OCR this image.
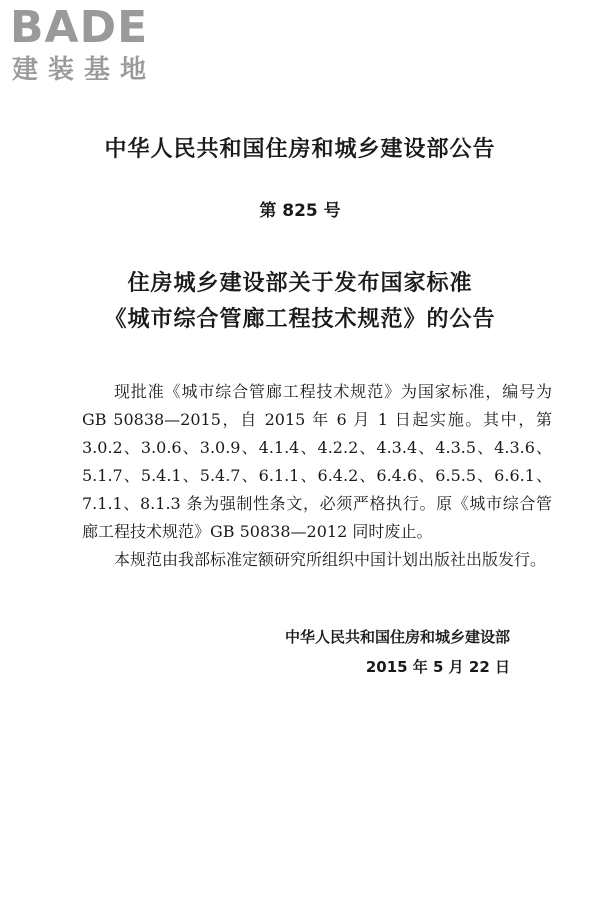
BADE
建装基地
中华人民共和国住房和城乡建设部公告
第 825 号
住房城乡建设部关于发布国家标准
《城市综合管廊工程技术规范》的公告

现批准《城市综合管廊工程技术规范》为国家标准，编号为 GB 50838—2015，自 2015 年 6 月 1 日起实施。其中，第 3.0.2、3.0.6、3.0.9、4.1.4、4.2.2、4.3.4、4.3.5、4.3.6、5.1.7、5.4.1、5.4.7、6.1.1、6.4.2、6.4.6、6.5.5、6.6.1、7.1.1、8.1.3 条为强制性条文，必须严格执行。原《城市综合管廊工程技术规范》GB 50838—2012 同时废止。

本规范由我部标准定额研究所组织中国计划出版社出版发行。

中华人民共和国住房和城乡建设部
2015 年 5 月 22 日
